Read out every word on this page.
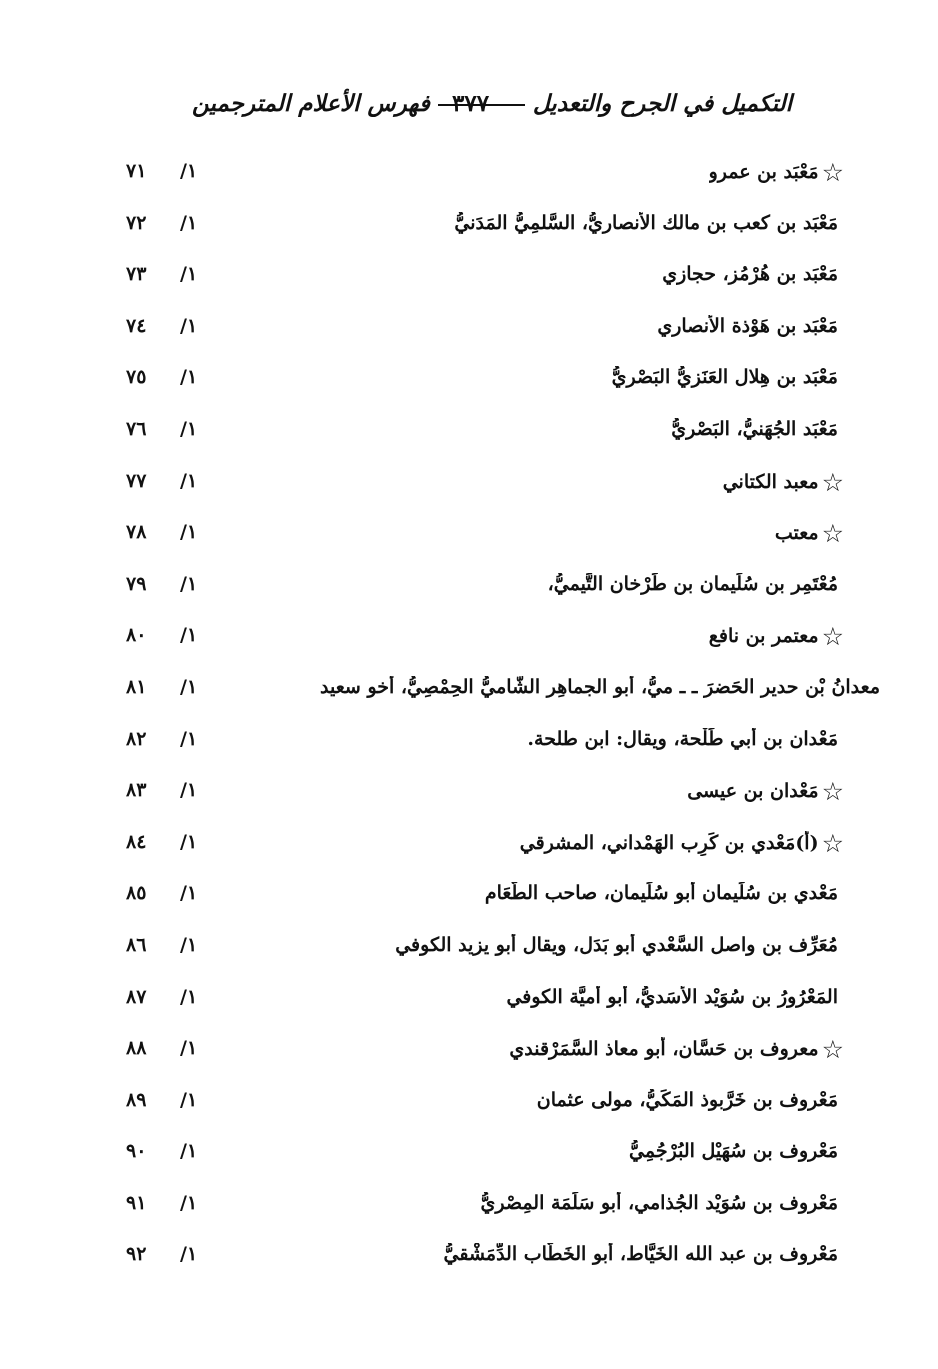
التكميل في الجرح والتعديل
٣٧٧
فهرس الأعلام المترجمين
☆مَعْبَد بن عمرو
٧١ /١
مَعْبَد بن كعب بن مالك الأنصاريُّ، السَّلمِيُّ المَدَنيُّ
٧٢ /١
مَعْبَد بن هُرْمُز، حجازي
٧٣ /١
مَعْبَد بن هَوْذة الأنصاري
٧٤ /١
مَعْبَد بن هِلال العَنَزيُّ البَصْريُّ
٧٥ /١
مَعْبَد الجُهَنيُّ، البَصْريُّ
٧٦ /١
☆معبد الكتاني
٧٧ /١
☆معتب
٧٨ /١
مُعْتَمِر بن سُلَيمان بن طَرْخان التَّيميُّ،
٧٩ /١
☆معتمر بن نافع
٨٠ /١
معدانُ بْن حدير الحَضرَ ـ ـ ميُّ، أبو الجماهِر الشَّاميُّ الحِمْصِيُّ، أخو سعيد
٨١ /١
مَعْدان بن أبي طَلْحة، ويقال: ابن طلحة.
٨٢ /١
☆مَعْدان بن عيسى
٨٣ /١
☆(أ)مَعْدي بن كَرِب الهَمْداني، المشرقي
٨٤ /١
مَعْدي بن سُلَيمان أبو سُلَيمان، صاحب الطَّعَام
٨٥ /١
مُعَرِّف بن واصل السَّعْدي أبو بَدَل، ويقال أبو يزيد الكوفي
٨٦ /١
المَعْرُورُ بن سُوَيْد الأَسَديُّ، أبو أُميَّة الكوفي
٨٧ /١
☆معروف بن حَسَّان، أبو معاذ السَّمَرْقندي
٨٨ /١
مَعْروف بن خَرَّبوذ المَكِّيُّ، مولى عثمان
٨٩ /١
مَعْروف بن سُهَيْل البُرْجُمِيُّ
٩٠ /١
مَعْروف بن سُوَيْد الجُذامي، أبو سَلَمَة المِصْريُّ
٩١ /١
مَعْروف بن عبد الله الخَيَّاط، أبو الخَطَّاب الدِّمَشْقيُّ
٩٢ /١
